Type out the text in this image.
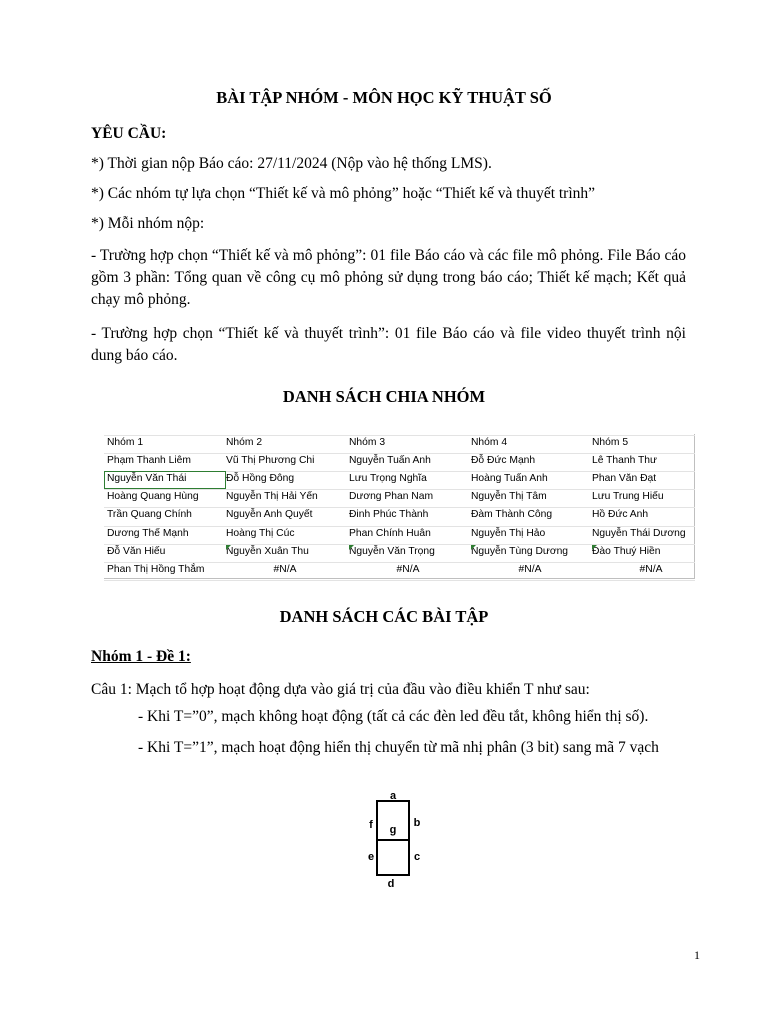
BÀI TẬP NHÓM - MÔN HỌC KỸ THUẬT SỐ
YÊU CẦU:
*) Thời gian nộp Báo cáo: 27/11/2024 (Nộp vào hệ thống LMS).
*) Các nhóm tự lựa chọn “Thiết kế và mô phỏng” hoặc “Thiết kế và thuyết trình”
*) Mỗi nhóm nộp:
- Trường hợp chọn “Thiết kế và mô phỏng”: 01 file Báo cáo và các file mô phỏng. File Báo cáo gồm 3 phần: Tổng quan về công cụ mô phỏng sử dụng trong báo cáo; Thiết kế mạch; Kết quả chạy mô phỏng.
- Trường hợp chọn “Thiết kế và thuyết trình”: 01 file Báo cáo và file video thuyết trình nội dung báo cáo.
DANH SÁCH CHIA NHÓM
Nhóm 1	Nhóm 2	Nhóm 3	Nhóm 4	Nhóm 5
Phạm Thanh Liêm	Vũ Thị Phương Chi	Nguyễn Tuấn Anh	Đỗ Đức Mạnh	Lê Thanh Thư
Nguyễn Văn Thái	Đỗ Hồng Đông	Lưu Trọng Nghĩa	Hoàng Tuấn Anh	Phan Văn Đạt
Hoàng Quang Hùng	Nguyễn Thị Hải Yến	Dương Phan Nam	Nguyễn Thị Tâm	Lưu Trung Hiếu
Trần Quang Chính	Nguyễn Anh Quyết	Đinh Phúc Thành	Đàm Thành Công	Hồ Đức Anh
Dương Thế Mạnh	Hoàng Thị Cúc	Phan Chính Huân	Nguyễn Thị Hảo	Nguyễn Thái Dương
Đỗ Văn Hiếu	Nguyễn Xuân Thu	Nguyễn Văn Trọng	Nguyễn Tùng Dương	Đào Thuý Hiền
Phan Thị Hồng Thắm	#N/A	#N/A	#N/A	#N/A
DANH SÁCH CÁC BÀI TẬP
Nhóm 1 - Đề 1:
Câu 1: Mạch tổ hợp hoạt động dựa vào giá trị của đầu vào điều khiển T như sau:
- Khi T=”0”, mạch không hoạt động (tất cả các đèn led đều tắt, không hiển thị số).
- Khi T=”1”, mạch hoạt động hiển thị chuyển từ mã nhị phân (3 bit) sang mã 7 vạch
a
b
c
d
e
f g
1
